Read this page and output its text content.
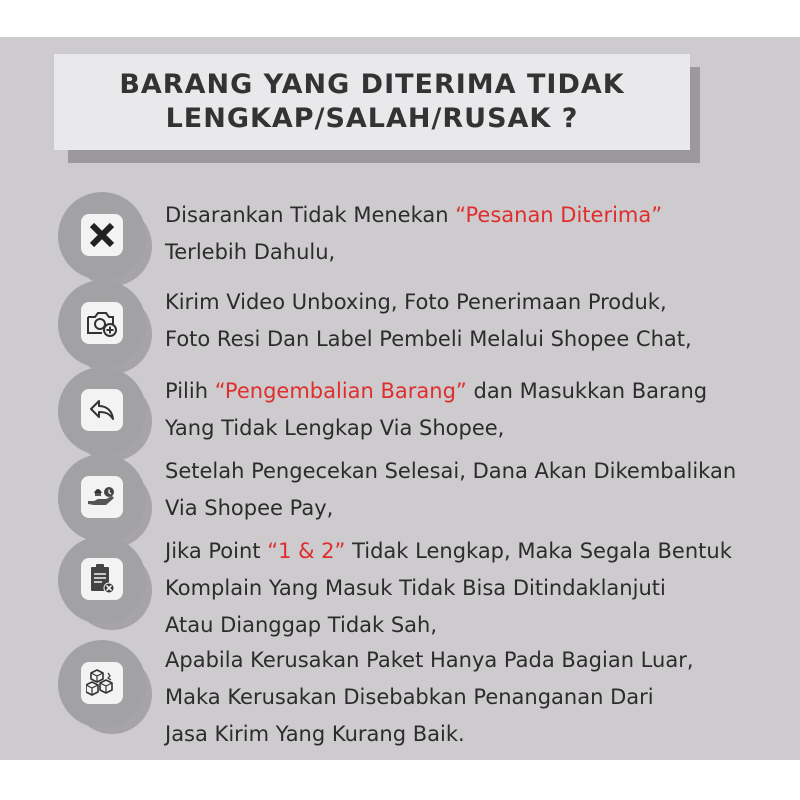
BARANG YANG DITERIMA TIDAK
LENGKAP/SALAH/RUSAK ?
Disarankan Tidak Menekan “Pesanan Diterima”
Terlebih Dahulu,
Kirim Video Unboxing, Foto Penerimaan Produk,
Foto Resi Dan Label Pembeli Melalui Shopee Chat,
Pilih “Pengembalian Barang” dan Masukkan Barang
Yang Tidak Lengkap Via Shopee,
Setelah Pengecekan Selesai, Dana Akan Dikembalikan
Via Shopee Pay,
Jika Point “1 & 2” Tidak Lengkap, Maka Segala Bentuk
Komplain Yang Masuk Tidak Bisa Ditindaklanjuti
Atau Dianggap Tidak Sah,
Apabila Kerusakan Paket Hanya Pada Bagian Luar,
Maka Kerusakan Disebabkan Penanganan Dari
Jasa Kirim Yang Kurang Baik.
